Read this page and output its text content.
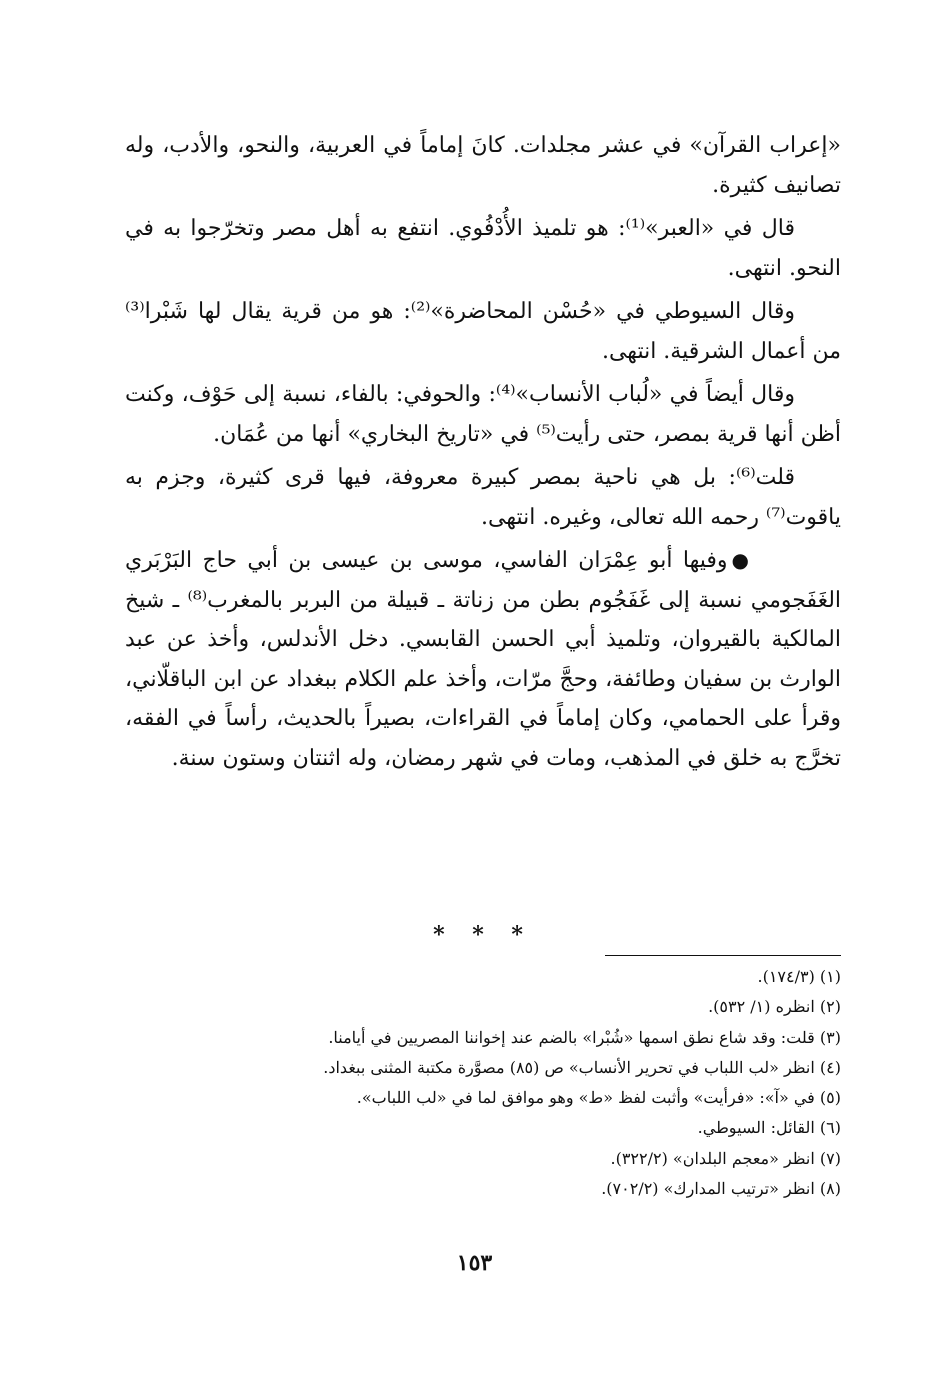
«إعراب القرآن» في عشر مجلدات. كانَ إماماً في العربية، والنحو، والأدب، وله تصانيف كثيرة.

قال في «العبر»⁽¹⁾: هو تلميذ الأُدْفُوي. انتفع به أهل مصر وتخرّجوا به في النحو. انتهى.

وقال السيوطي في «حُسْن المحاضرة»⁽²⁾: هو من قرية يقال لها شَبْرا⁽³⁾ من أعمال الشرقية. انتهى.

وقال أيضاً في «لُباب الأنساب»⁽⁴⁾: والحوفي: بالفاء، نسبة إلى حَوْف، وكنت أظن أنها قرية بمصر، حتى رأيت⁽⁵⁾ في «تاريخ البخاري» أنها من عُمَان.

قلت⁽⁶⁾: بل هي ناحية بمصر كبيرة معروفة، فيها قرى كثيرة، وجزم به ياقوت⁽⁷⁾ رحمه الله تعالى، وغيره. انتهى.

●وفيها أبو عِمْرَان الفاسي، موسى بن عيسى بن أبي حاج البَرْبَري الغَفَجومي نسبة إلى غَفَجُوم بطن من زناتة ـ قبيلة من البربر بالمغرب⁽⁸⁾ ـ شيخ المالكية بالقيروان، وتلميذ أبي الحسن القابسي. دخل الأندلس، وأخذ عن عبد الوارث بن سفيان وطائفة، وحجَّ مرّات، وأخذ علم الكلام ببغداد عن ابن الباقلّاني، وقرأ على الحمامي، وكان إماماً في القراءات، بصيراً بالحديث، رأساً في الفقه، تخرَّج به خلق في المذهب، ومات في شهر رمضان، وله اثنتان وستون سنة.

* * *

(١) (١٧٤/٣).

(٢) انظره (١/ ٥٣٢).

(٣) قلت: وقد شاع نطق اسمها «شُبْرا» بالضم عند إخواننا المصريين في أيامنا.

(٤) انظر «لب اللباب في تحرير الأنساب» ص (٨٥) مصوَّرة مكتبة المثنى ببغداد.

(٥) في «آ»: «فرأيت» وأثبت لفظ «ط» وهو موافق لما في «لب اللباب».

(٦) القائل: السيوطي.

(٧) انظر «معجم البلدان» (٣٢٢/٢).

(٨) انظر «ترتيب المدارك» (٧٠٢/٢).

١٥٣
